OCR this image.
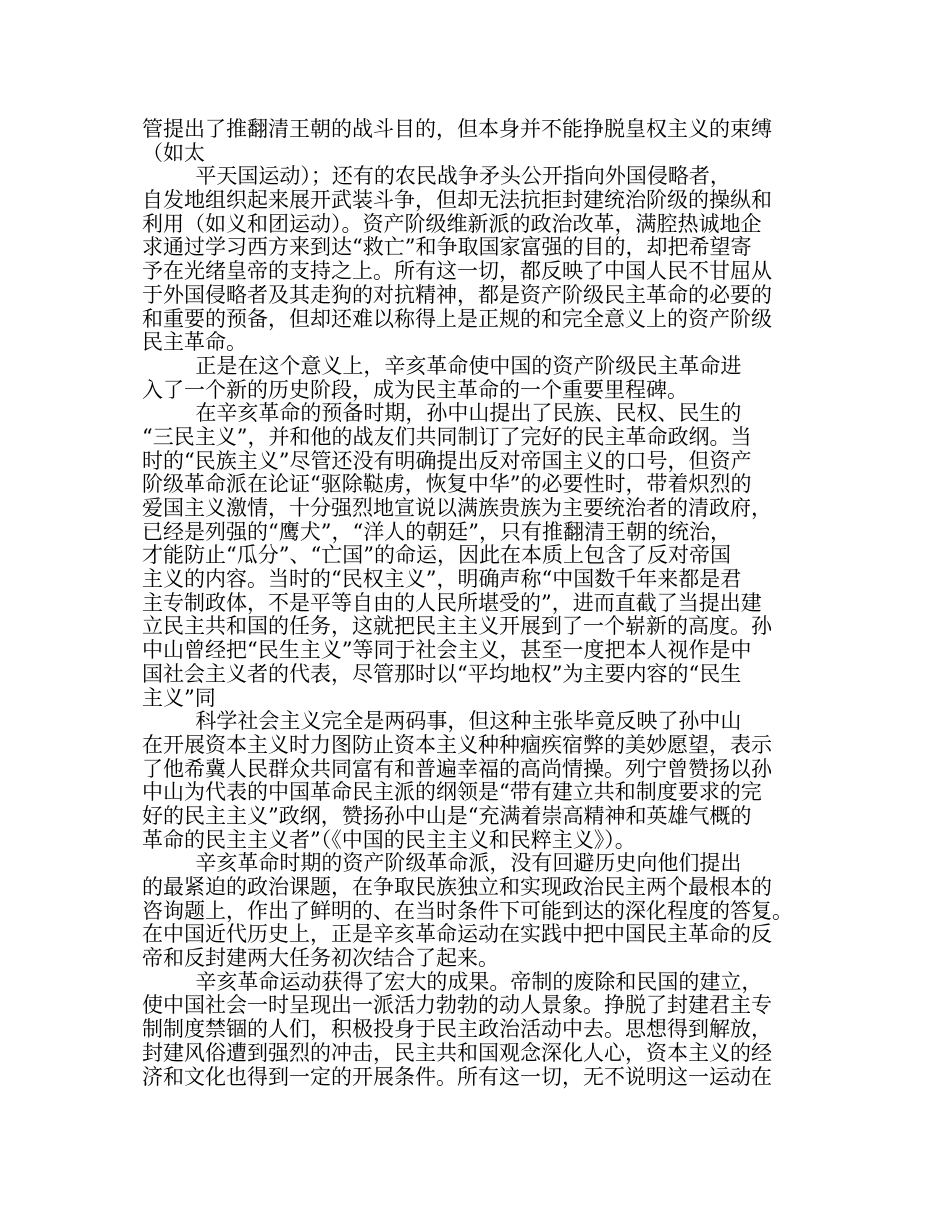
管提出了推翻清王朝的战斗目的，但本身并不能挣脱皇权主义的束缚
（如太
平天国运动）；还有的农民战争矛头公开指向外国侵略者，
自发地组织起来展开武装斗争，但却无法抗拒封建统治阶级的操纵和
利用（如义和团运动）。资产阶级维新派的政治改革，满腔热诚地企
求通过学习西方来到达“救亡”和争取国家富强的目的，却把希望寄
予在光绪皇帝的支持之上。所有这一切，都反映了中国人民不甘屈从
于外国侵略者及其走狗的对抗精神，都是资产阶级民主革命的必要的
和重要的预备，但却还难以称得上是正规的和完全意义上的资产阶级
民主革命。
正是在这个意义上，辛亥革命使中国的资产阶级民主革命进
入了一个新的历史阶段，成为民主革命的一个重要里程碑。
在辛亥革命的预备时期，孙中山提出了民族、民权、民生的
“三民主义”，并和他的战友们共同制订了完好的民主革命政纲。当
时的“民族主义”尽管还没有明确提出反对帝国主义的口号，但资产
阶级革命派在论证“驱除鞑虏，恢复中华”的必要性时，带着炽烈的
爱国主义激情，十分强烈地宣说以满族贵族为主要统治者的清政府，
已经是列强的“鹰犬”，“洋人的朝廷”，只有推翻清王朝的统治，
才能防止“瓜分”、“亡国”的命运，因此在本质上包含了反对帝国
主义的内容。当时的“民权主义”，明确声称“中国数千年来都是君
主专制政体，不是平等自由的人民所堪受的”，进而直截了当提出建
立民主共和国的任务，这就把民主主义开展到了一个崭新的高度。孙
中山曾经把“民生主义”等同于社会主义，甚至一度把本人视作是中
国社会主义者的代表，尽管那时以“平均地权”为主要内容的“民生
主义”同
科学社会主义完全是两码事，但这种主张毕竟反映了孙中山
在开展资本主义时力图防止资本主义种种痼疾宿弊的美妙愿望，表示
了他希冀人民群众共同富有和普遍幸福的高尚情操。列宁曾赞扬以孙
中山为代表的中国革命民主派的纲领是“带有建立共和制度要求的完
好的民主主义”政纲，赞扬孙中山是“充满着崇高精神和英雄气概的
革命的民主主义者”（《中国的民主主义和民粹主义》）。
辛亥革命时期的资产阶级革命派，没有回避历史向他们提出
的最紧迫的政治课题，在争取民族独立和实现政治民主两个最根本的
咨询题上，作出了鲜明的、在当时条件下可能到达的深化程度的答复。
在中国近代历史上，正是辛亥革命运动在实践中把中国民主革命的反
帝和反封建两大任务初次结合了起来。
辛亥革命运动获得了宏大的成果。帝制的废除和民国的建立，
使中国社会一时呈现出一派活力勃勃的动人景象。挣脱了封建君主专
制制度禁锢的人们，积极投身于民主政治活动中去。思想得到解放，
封建风俗遭到强烈的冲击，民主共和国观念深化人心，资本主义的经
济和文化也得到一定的开展条件。所有这一切，无不说明这一运动在
